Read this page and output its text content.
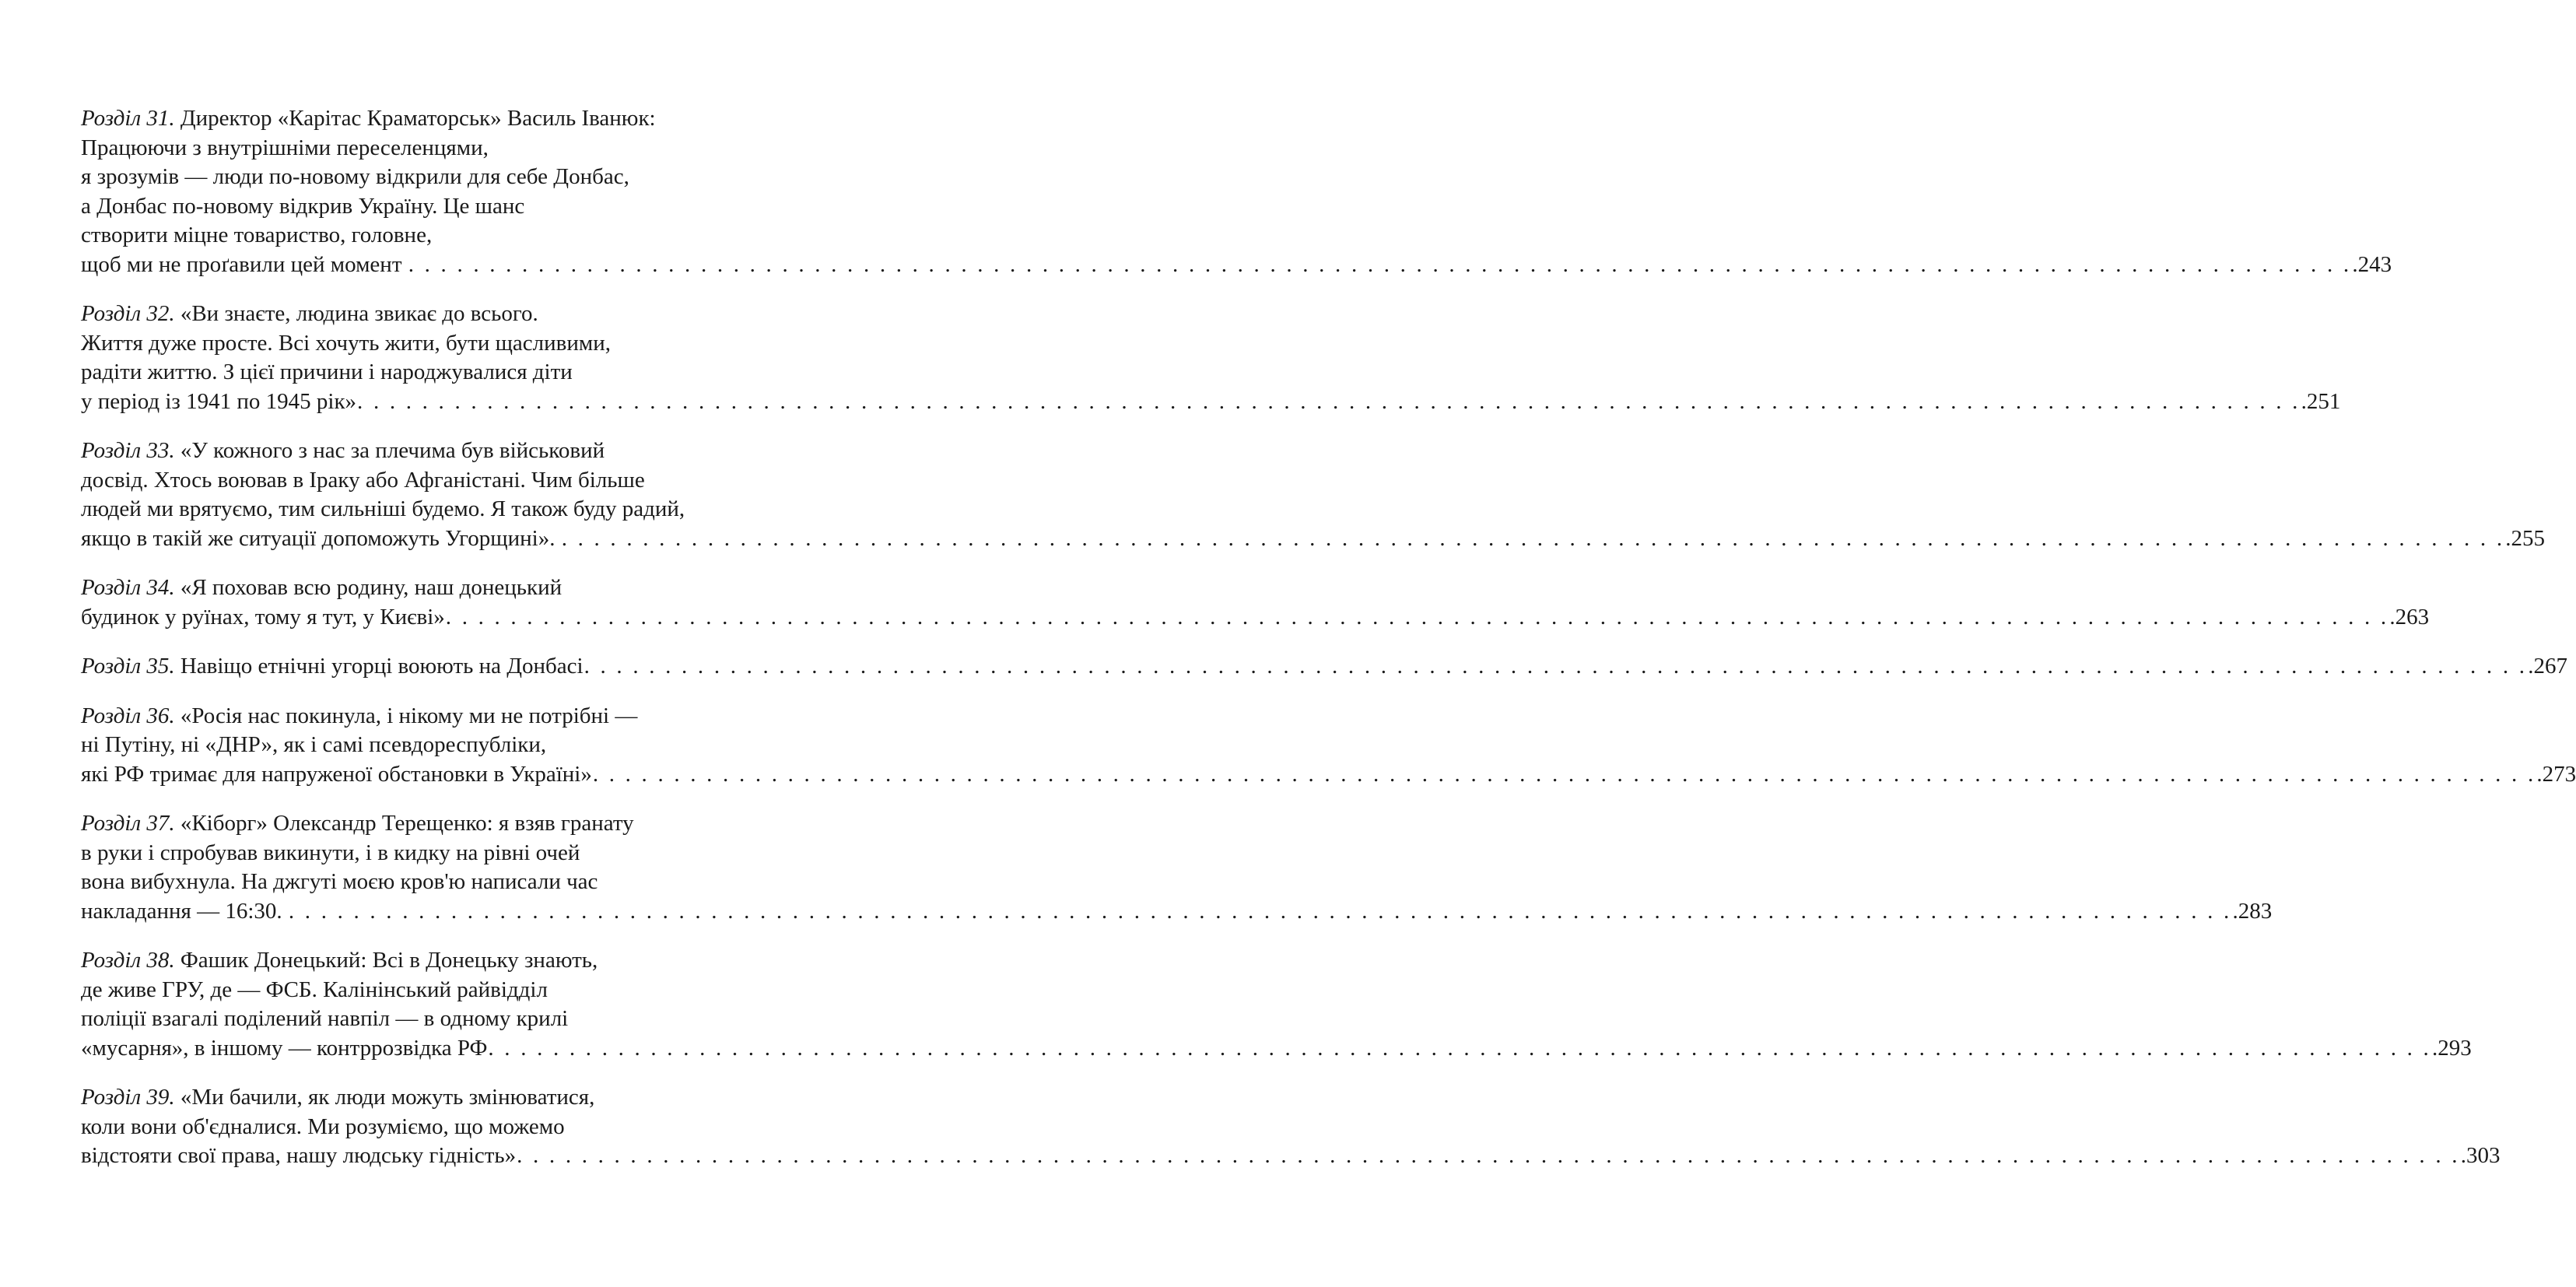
Розділ 31. Директор «Карітас Краматорськ» Василь Іванюк:
Працюючи з внутрішніми переселенцями,
я зрозумів — люди по-новому відкрили для себе Донбас,
а Донбас по-новому відкрив Україну. Це шанс
створити міцне товариство, головне,
щоб ми не проґавили цей момент . . . . . . . . . . . . . . . . . . . . . . . . . . . . . . . . . . . . . . . . . . . . . . . . . . . . . . . . . . . . . . . . . . . . . . . . . . . . . . . . . . . . . . . . . . . . . . . . . . . . . . . . . . . . . . . . . . . . . . . . .243
Розділ 32. «Ви знаєте, людина звикає до всього.
Життя дуже просте. Всі хочуть жити, бути щасливими,
радіти життю. З цієї причини і народжувалися діти
у період із 1941 по 1945 рік» . . . . . . . . . . . . . . . . . . . . . . . . . . . . . . . . . . . . . . . . . . . . . . . . . . . . . . . . . . . . . . . . . . . . . . . . . . . . . . . . . . . . . . . . . . . . . . . . . . . . . . . . . . . . . . . . . . . . . . . . .251
Розділ 33. «У кожного з нас за плечима був військовий
досвід. Хтось воював в Іраку або Афганістані. Чим більше
людей ми врятуємо, тим сильніші будемо. Я також буду радий,
якщо в такій же ситуації допоможуть Угорщині». . . . . . . . . . . . . . . . . . . . . . . . . . . . . . . . . . . . . . . . . . . . . . . . . . . . . . . . . . . . . . . . . . . . . . . . . . . . . . . . . . . . . . . . . . . . . . . . . . . . . . . . . . . . . . . . . . . . . . . . . .255
Розділ 34. «Я поховав всю родину, наш донецький
будинок у руїнах, тому я тут, у Києві» . . . . . . . . . . . . . . . . . . . . . . . . . . . . . . . . . . . . . . . . . . . . . . . . . . . . . . . . . . . . . . . . . . . . . . . . . . . . . . . . . . . . . . . . . . . . . . . . . . . . . . . . . . . . . . . . . . . . . . . . .263
Розділ 35. Навіщо етнічні угорці воюють на Донбасі . . . . . . . . . . . . . . . . . . . . . . . . . . . . . . . . . . . . . . . . . . . . . . . . . . . . . . . . . . . . . . . . . . . . . . . . . . . . . . . . . . . . . . . . . . . . . . . . . . . . . . . . . . . . . . . . . . . . . . . . .267
Розділ 36. «Росія нас покинула, і нікому ми не потрібні —
ні Путіну, ні «ДНР», як і самі псевдореспубліки,
які РФ тримає для напруженої обстановки в Україні» . . . . . . . . . . . . . . . . . . . . . . . . . . . . . . . . . . . . . . . . . . . . . . . . . . . . . . . . . . . . . . . . . . . . . . . . . . . . . . . . . . . . . . . . . . . . . . . . . . . . . . . . . . . . . . . . . . . . . . . . .273
Розділ 37. «Кіборг» Олександр Терещенко: я взяв гранату
в руки і спробував викинути, і в кидку на рівні очей
вона вибухнула. На джгуті моєю кров'ю написали час
накладання — 16:30. . . . . . . . . . . . . . . . . . . . . . . . . . . . . . . . . . . . . . . . . . . . . . . . . . . . . . . . . . . . . . . . . . . . . . . . . . . . . . . . . . . . . . . . . . . . . . . . . . . . . . . . . . . . . . . . . . . . . . . . . .283
Розділ 38. Фашик Донецький: Всі в Донецьку знають,
де живе ГРУ, де — ФСБ. Калінінський райвідділ
поліції взагалі поділений навпіл — в одному крилі
«мусарня», в іншому — контррозвідка РФ . . . . . . . . . . . . . . . . . . . . . . . . . . . . . . . . . . . . . . . . . . . . . . . . . . . . . . . . . . . . . . . . . . . . . . . . . . . . . . . . . . . . . . . . . . . . . . . . . . . . . . . . . . . . . . . . . . . . . . . . .293
Розділ 39. «Ми бачили, як люди можуть змінюватися,
коли вони об'єдналися. Ми розуміємо, що можемо
відстояти свої права, нашу людську гідність» . . . . . . . . . . . . . . . . . . . . . . . . . . . . . . . . . . . . . . . . . . . . . . . . . . . . . . . . . . . . . . . . . . . . . . . . . . . . . . . . . . . . . . . . . . . . . . . . . . . . . . . . . . . . . . . . . . . . . . . . .303
